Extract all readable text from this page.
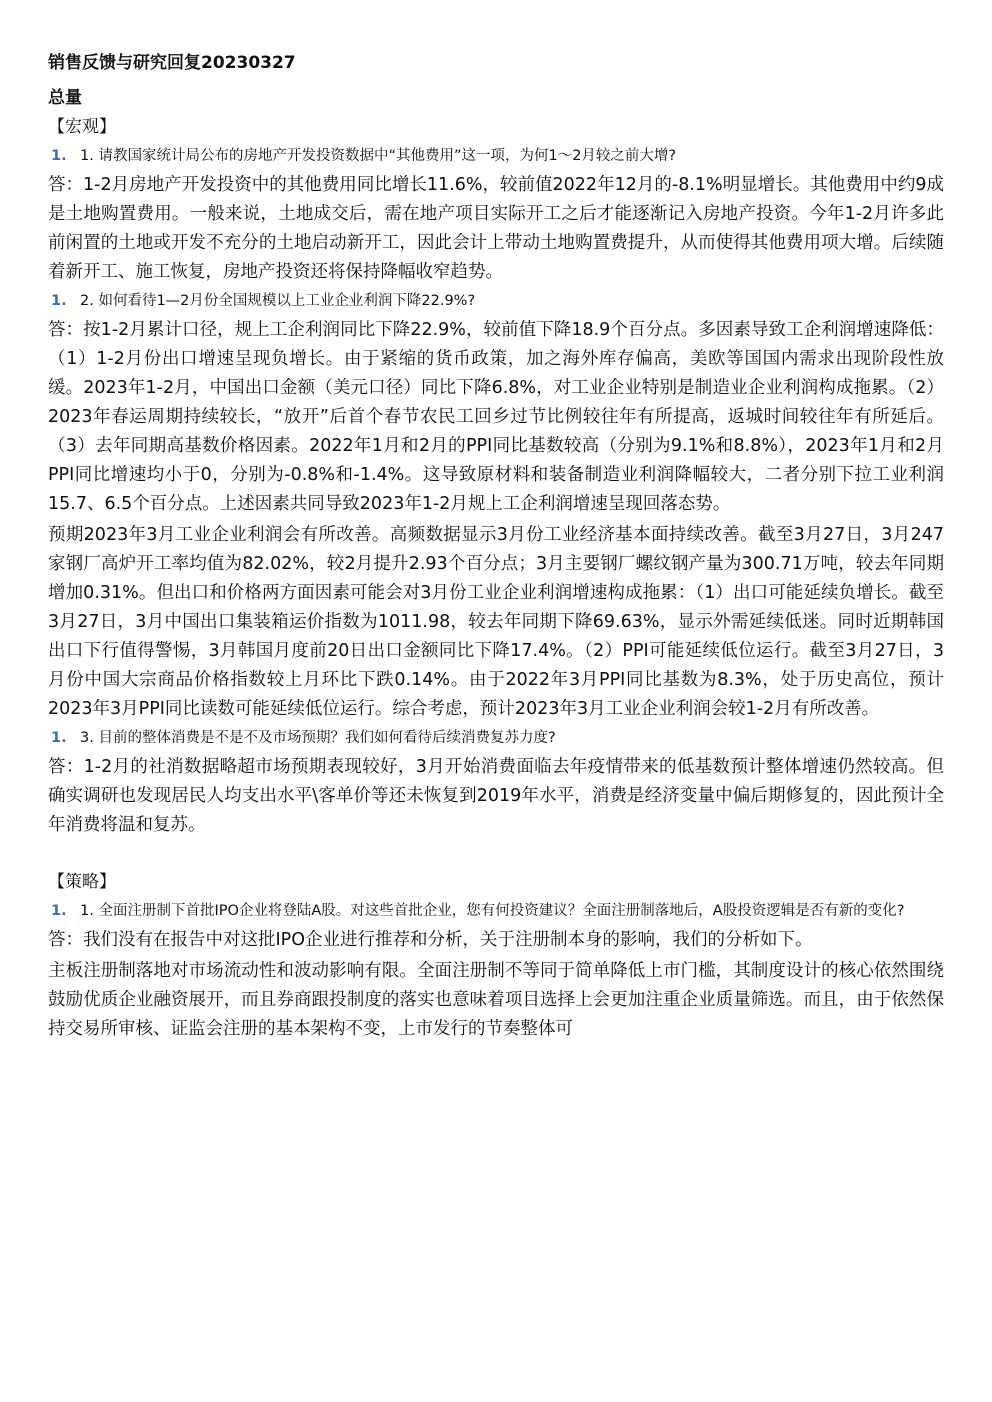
销售反馈与研究回复20230327
总量
【宏观】
1. 1. 请教国家统计局公布的房地产开发投资数据中“其他费用”这一项，为何1～2月较之前大增?

答：1-2月房地产开发投资中的其他费用同比增长11.6%，较前值2022年12月的-8.1%明显增长。其他费用中约9成是土地购置费用。一般来说，土地成交后，需在地产项目实际开工之后才能逐渐记入房地产投资。今年1-2月许多此前闲置的土地或开发不充分的土地启动新开工，因此会计上带动土地购置费提升，从而使得其他费用项大增。后续随着新开工、施工恢复，房地产投资还将保持降幅收窄趋势。

1. 2. 如何看待1—2月份全国规模以上工业企业利润下降22.9%?

答：按1-2月累计口径，规上工企利润同比下降22.9%，较前值下降18.9个百分点。多因素导致工企利润增速降低：（1）1-2月份出口增速呈现负增长。由于紧缩的货币政策，加之海外库存偏高，美欧等国国内需求出现阶段性放缓。2023年1-2月，中国出口金额（美元口径）同比下降6.8%，对工业企业特别是制造业企业利润构成拖累。（2）2023年春运周期持续较长，“放开”后首个春节农民工回乡过节比例较往年有所提高，返城时间较往年有所延后。（3）去年同期高基数价格因素。2022年1月和2月的PPI同比基数较高（分别为9.1%和8.8%），2023年1月和2月PPI同比增速均小于0，分别为-0.8%和-1.4%。这导致原材料和装备制造业利润降幅较大，二者分别下拉工业利润15.7、6.5个百分点。上述因素共同导致2023年1-2月规上工企利润增速呈现回落态势。

预期2023年3月工业企业利润会有所改善。高频数据显示3月份工业经济基本面持续改善。截至3月27日，3月247家钢厂高炉开工率均值为82.02%，较2月提升2.93个百分点；3月主要钢厂螺纹钢产量为300.71万吨，较去年同期增加0.31%。但出口和价格两方面因素可能会对3月份工业企业利润增速构成拖累：（1）出口可能延续负增长。截至3月27日，3月中国出口集装箱运价指数为1011.98，较去年同期下降69.63%，显示外需延续低迷。同时近期韩国出口下行值得警惕，3月韩国月度前20日出口金额同比下降17.4%。（2）PPI可能延续低位运行。截至3月27日，3月份中国大宗商品价格指数较上月环比下跌0.14%。由于2022年3月PPI同比基数为8.3%，处于历史高位，预计2023年3月PPI同比读数可能延续低位运行。综合考虑，预计2023年3月工业企业利润会较1-2月有所改善。

1. 3. 目前的整体消费是不是不及市场预期？我们如何看待后续消费复苏力度?

答：1-2月的社消数据略超市场预期表现较好，3月开始消费面临去年疫情带来的低基数预计整体增速仍然较高。但确实调研也发现居民人均支出水平\客单价等还未恢复到2019年水平，消费是经济变量中偏后期修复的，因此预计全年消费将温和复苏。

【策略】
1. 1. 全面注册制下首批IPO企业将登陆A股。对这些首批企业，您有何投资建议？全面注册制落地后，A股投资逻辑是否有新的变化?

答：我们没有在报告中对这批IPO企业进行推荐和分析，关于注册制本身的影响，我们的分析如下。

主板注册制落地对市场流动性和波动影响有限。全面注册制不等同于简单降低上市门槛，其制度设计的核心依然围绕鼓励优质企业融资展开，而且券商跟投制度的落实也意味着项目选择上会更加注重企业质量筛选。而且，由于依然保持交易所审核、证监会注册的基本架构不变，上市发行的节奏整体可
